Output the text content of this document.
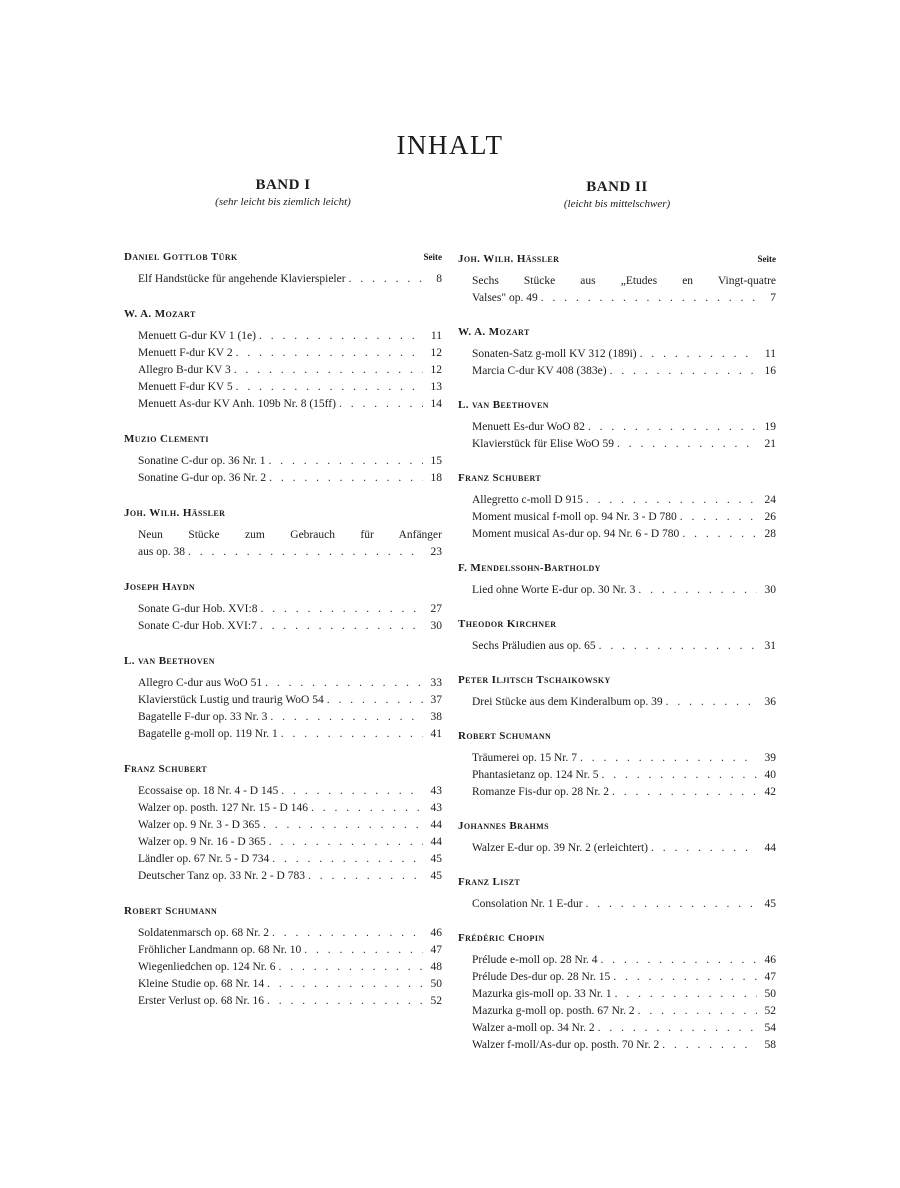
INHALT
BAND I
(sehr leicht bis ziemlich leicht)
Daniel Gottlob Türk	Seite
Elf Handstücke für angehende Klavierspieler . . .	8
W. A. Mozart
Menuett G-dur KV 1 (1e) . . .	11
Menuett F-dur KV 2 . . .	12
Allegro B-dur KV 3 . . .	12
Menuett F-dur KV 5 . . .	13
Menuett As-dur KV Anh. 109b Nr. 8 (15ff) . . .	14
Muzio Clementi
Sonatine C-dur op. 36 Nr. 1 . . .	15
Sonatine G-dur op. 36 Nr. 2 . . .	18
Joh. Wilh. Hässler
Neun Stücke zum Gebrauch für Anfänger
aus op. 38 . . .	23
Joseph Haydn
Sonate G-dur Hob. XVI:8 . . .	27
Sonate C-dur Hob. XVI:7 . . .	30
L. van Beethoven
Allegro C-dur aus WoO 51 . . .	33
Klavierstück Lustig und traurig WoO 54 . . .	37
Bagatelle F-dur op. 33 Nr. 3 . . .	38
Bagatelle g-moll op. 119 Nr. 1 . . .	41
Franz Schubert
Ecossaise op. 18 Nr. 4 - D 145 . . .	43
Walzer op. posth. 127 Nr. 15 - D 146 . . .	43
Walzer op. 9 Nr. 3 - D 365 . . .	44
Walzer op. 9 Nr. 16 - D 365 . . .	44
Ländler op. 67 Nr. 5 - D 734 . . .	45
Deutscher Tanz op. 33 Nr. 2 - D 783 . . .	45
Robert Schumann
Soldatenmarsch op. 68 Nr. 2 . . .	46
Fröhlicher Landmann op. 68 Nr. 10 . . .	47
Wiegenliedchen op. 124 Nr. 6 . . .	48
Kleine Studie op. 68 Nr. 14 . . .	50
Erster Verlust op. 68 Nr. 16 . . .	52
BAND II
(leicht bis mittelschwer)
Joh. Wilh. Hässler	Seite
Sechs Stücke aus „Etudes en Vingt-quatre
Valses" op. 49 . . .	7
W. A. Mozart
Sonaten-Satz g-moll KV 312 (189i) . . .	11
Marcia C-dur KV 408 (383e) . . .	16
L. van Beethoven
Menuett Es-dur WoO 82 . . .	19
Klavierstück für Elise WoO 59 . . .	21
Franz Schubert
Allegretto c-moll D 915 . . .	24
Moment musical f-moll op. 94 Nr. 3 - D 780 . . .	26
Moment musical As-dur op. 94 Nr. 6 - D 780 . . .	28
F. Mendelssohn-Bartholdy
Lied ohne Worte E-dur op. 30 Nr. 3 . . .	30
Theodor Kirchner
Sechs Präludien aus op. 65 . . .	31
Peter Iljitsch Tschaikowsky
Drei Stücke aus dem Kinderalbum op. 39 . . .	36
Robert Schumann
Träumerei op. 15 Nr. 7 . . .	39
Phantasietanz op. 124 Nr. 5 . . .	40
Romanze Fis-dur op. 28 Nr. 2 . . .	42
Johannes Brahms
Walzer E-dur op. 39 Nr. 2 (erleichtert) . . .	44
Franz Liszt
Consolation Nr. 1 E-dur . . .	45
Frédéric Chopin
Prélude e-moll op. 28 Nr. 4 . . .	46
Prélude Des-dur op. 28 Nr. 15 . . .	47
Mazurka gis-moll op. 33 Nr. 1 . . .	50
Mazurka g-moll op. posth. 67 Nr. 2 . . .	52
Walzer a-moll op. 34 Nr. 2 . . .	54
Walzer f-moll/As-dur op. posth. 70 Nr. 2 . . .	58
